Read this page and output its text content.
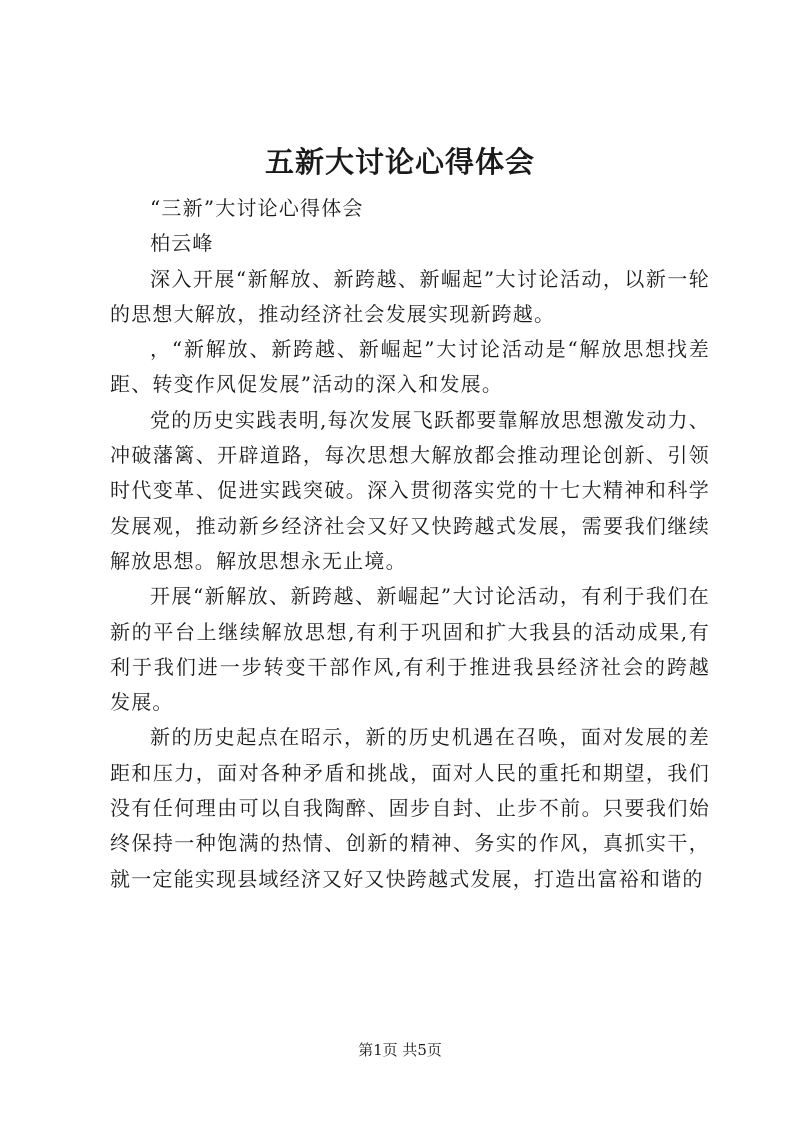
五新大讨论心得体会

“三新”大讨论心得体会

柏云峰

深入开展“新解放、新跨越、新崛起”大讨论活动，以新一轮的思想大解放，推动经济社会发展实现新跨越。

，“新解放、新跨越、新崛起”大讨论活动是“解放思想找差距、转变作风促发展”活动的深入和发展。

党的历史实践表明,每次发展飞跃都要靠解放思想激发动力、冲破藩篱、开辟道路，每次思想大解放都会推动理论创新、引领时代变革、促进实践突破。深入贯彻落实党的十七大精神和科学发展观，推动新乡经济社会又好又快跨越式发展，需要我们继续解放思想。解放思想永无止境。

开展“新解放、新跨越、新崛起”大讨论活动，有利于我们在新的平台上继续解放思想,有利于巩固和扩大我县的活动成果,有利于我们进一步转变干部作风,有利于推进我县经济社会的跨越发展。

新的历史起点在昭示，新的历史机遇在召唤，面对发展的差距和压力，面对各种矛盾和挑战，面对人民的重托和期望，我们没有任何理由可以自我陶醉、固步自封、止步不前。只要我们始终保持一种饱满的热情、创新的精神、务实的作风，真抓实干，就一定能实现县域经济又好又快跨越式发展，打造出富裕和谐的

第1页 共5页
